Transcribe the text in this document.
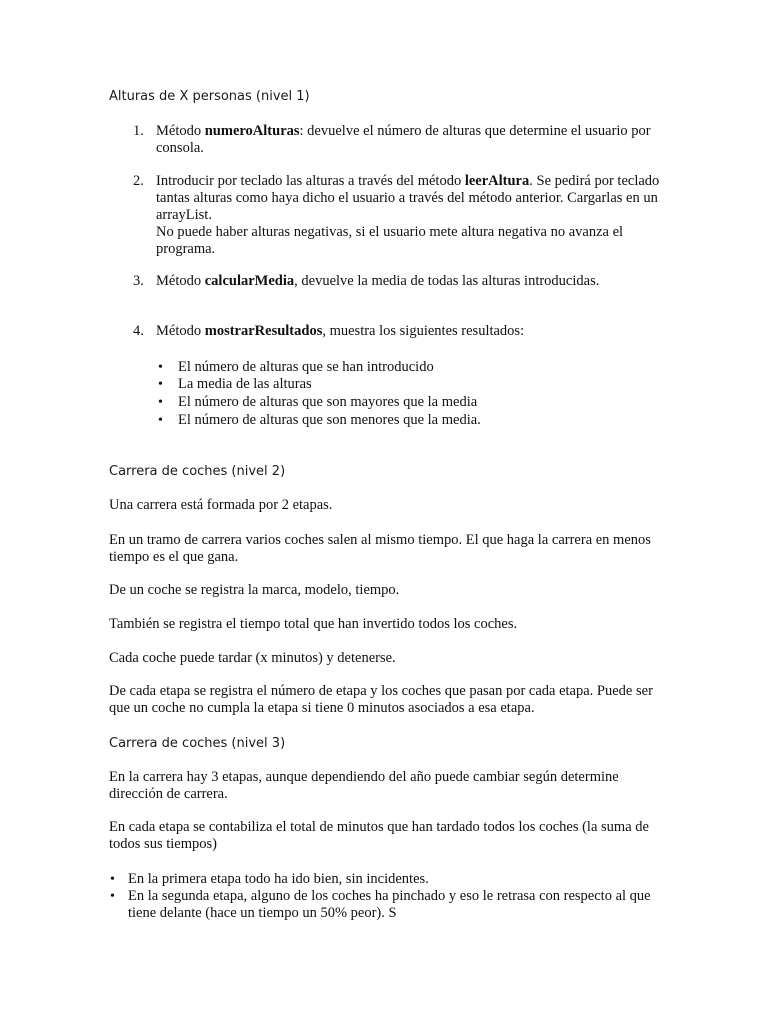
Alturas de X personas (nivel 1)
1. Método numeroAlturas: devuelve el número de alturas que determine el usuario por consola.
2. Introducir por teclado las alturas a través del método leerAltura. Se pedirá por teclado tantas alturas como haya dicho el usuario a través del método anterior. Cargarlas en un arrayList.
No puede haber alturas negativas, si el usuario mete altura negativa no avanza el programa.
3. Método calcularMedia, devuelve la media de todas las alturas introducidas.
4. Método mostrarResultados, muestra los siguientes resultados:
•	El número de alturas que se han introducido
•	La media de las alturas
•	El número de alturas que son mayores que la media
•	El número de alturas que son menores que la media.
Carrera de coches (nivel 2)
Una carrera está formada por 2 etapas.
En un tramo de carrera varios coches salen al mismo tiempo. El que haga la carrera en menos tiempo es el que gana.
De un coche se registra la marca, modelo, tiempo.
También se registra el tiempo total que han invertido todos los coches.
Cada coche puede tardar (x minutos) y detenerse.
De cada etapa se registra el número de etapa y los coches que pasan por cada etapa. Puede ser que un coche no cumpla la etapa si tiene 0 minutos asociados a esa etapa.
Carrera de coches (nivel 3)
En la carrera hay 3 etapas, aunque dependiendo del año puede cambiar según determine dirección de carrera.
En cada etapa se contabiliza el total de minutos que han tardado todos los coches (la suma de todos sus tiempos)
• En la primera etapa todo ha ido bien, sin incidentes.
• En la segunda etapa, alguno de los coches ha pinchado y eso le retrasa con respecto al que tiene delante (hace un tiempo un 50% peor). S
